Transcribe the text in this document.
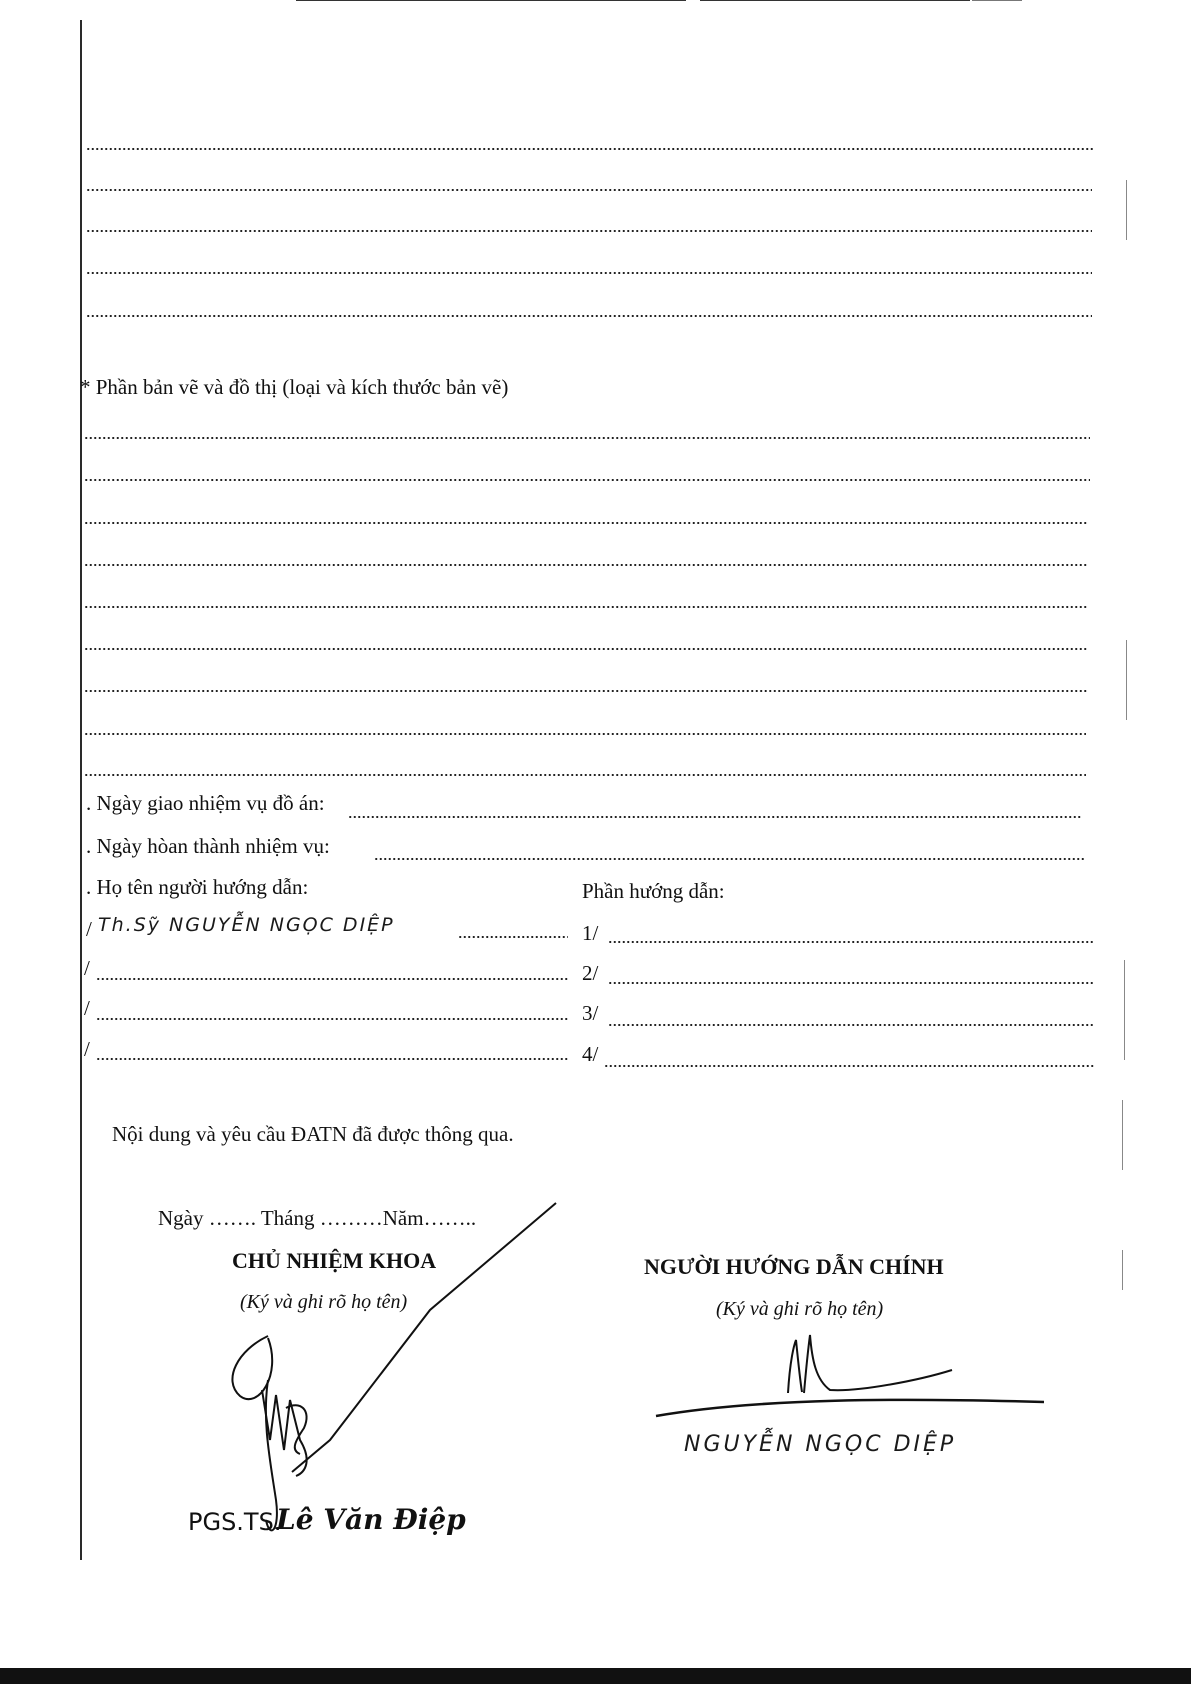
* Phần bản vẽ và đồ thị (loại và kích thước bản vẽ)
. Ngày giao nhiệm vụ đồ án:
. Ngày hòan thành nhiệm vụ:
. Họ tên người hướng dẫn:	Phần hướng dẫn:
/ Th.Sỹ NGUYỄN NGỌC DIỆP	1/
/	2/
/	3/
/	4/
Nội dung và yêu cầu ĐATN đã được thông qua.
Ngày ……. Tháng ………Năm……..
CHỦ NHIỆM KHOA
(Ký và ghi rõ họ tên)
NGƯỜI HƯỚNG DẪN CHÍNH
(Ký và ghi rõ họ tên)
PGS.TS.
Lê Văn Điệp
NGUYỄN NGỌC DIỆP
